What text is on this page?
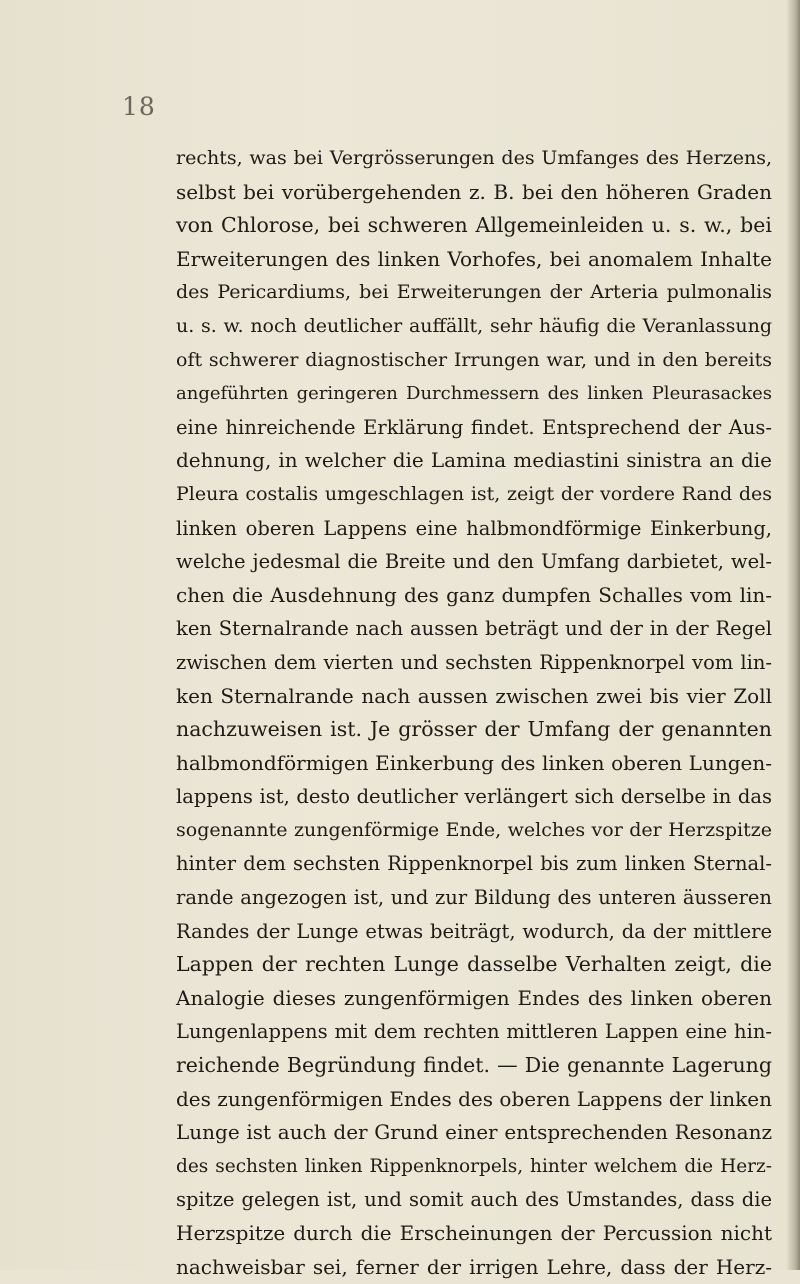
18
rechts, was bei Vergrösserungen des Umfanges des Herzens,
selbst bei vorübergehenden z. B. bei den höheren Graden
von Chlorose, bei schweren Allgemeinleiden u. s. w., bei
Erweiterungen des linken Vorhofes, bei anomalem Inhalte
des Pericardiums, bei Erweiterungen der Arteria pulmonalis
u. s. w. noch deutlicher auffällt, sehr häufig die Veranlassung
oft schwerer diagnostischer Irrungen war, und in den bereits
angeführten geringeren Durchmessern des linken Pleurasackes
eine hinreichende Erklärung findet. Entsprechend der Aus-
dehnung, in welcher die Lamina mediastini sinistra an die
Pleura costalis umgeschlagen ist, zeigt der vordere Rand des
linken oberen Lappens eine halbmondförmige Einkerbung,
welche jedesmal die Breite und den Umfang darbietet, wel-
chen die Ausdehnung des ganz dumpfen Schalles vom lin-
ken Sternalrande nach aussen beträgt und der in der Regel
zwischen dem vierten und sechsten Rippenknorpel vom lin-
ken Sternalrande nach aussen zwischen zwei bis vier Zoll
nachzuweisen ist. Je grösser der Umfang der genannten
halbmondförmigen Einkerbung des linken oberen Lungen-
lappens ist, desto deutlicher verlängert sich derselbe in das
sogenannte zungenförmige Ende, welches vor der Herzspitze
hinter dem sechsten Rippenknorpel bis zum linken Sternal-
rande angezogen ist, und zur Bildung des unteren äusseren
Randes der Lunge etwas beiträgt, wodurch, da der mittlere
Lappen der rechten Lunge dasselbe Verhalten zeigt, die
Analogie dieses zungenförmigen Endes des linken oberen
Lungenlappens mit dem rechten mittleren Lappen eine hin-
reichende Begründung findet. — Die genannte Lagerung
des zungenförmigen Endes des oberen Lappens der linken
Lunge ist auch der Grund einer entsprechenden Resonanz
des sechsten linken Rippenknorpels, hinter welchem die Herz-
spitze gelegen ist, und somit auch des Umstandes, dass die
Herzspitze durch die Erscheinungen der Percussion nicht
nachweisbar sei, ferner der irrigen Lehre, dass der Herz-
